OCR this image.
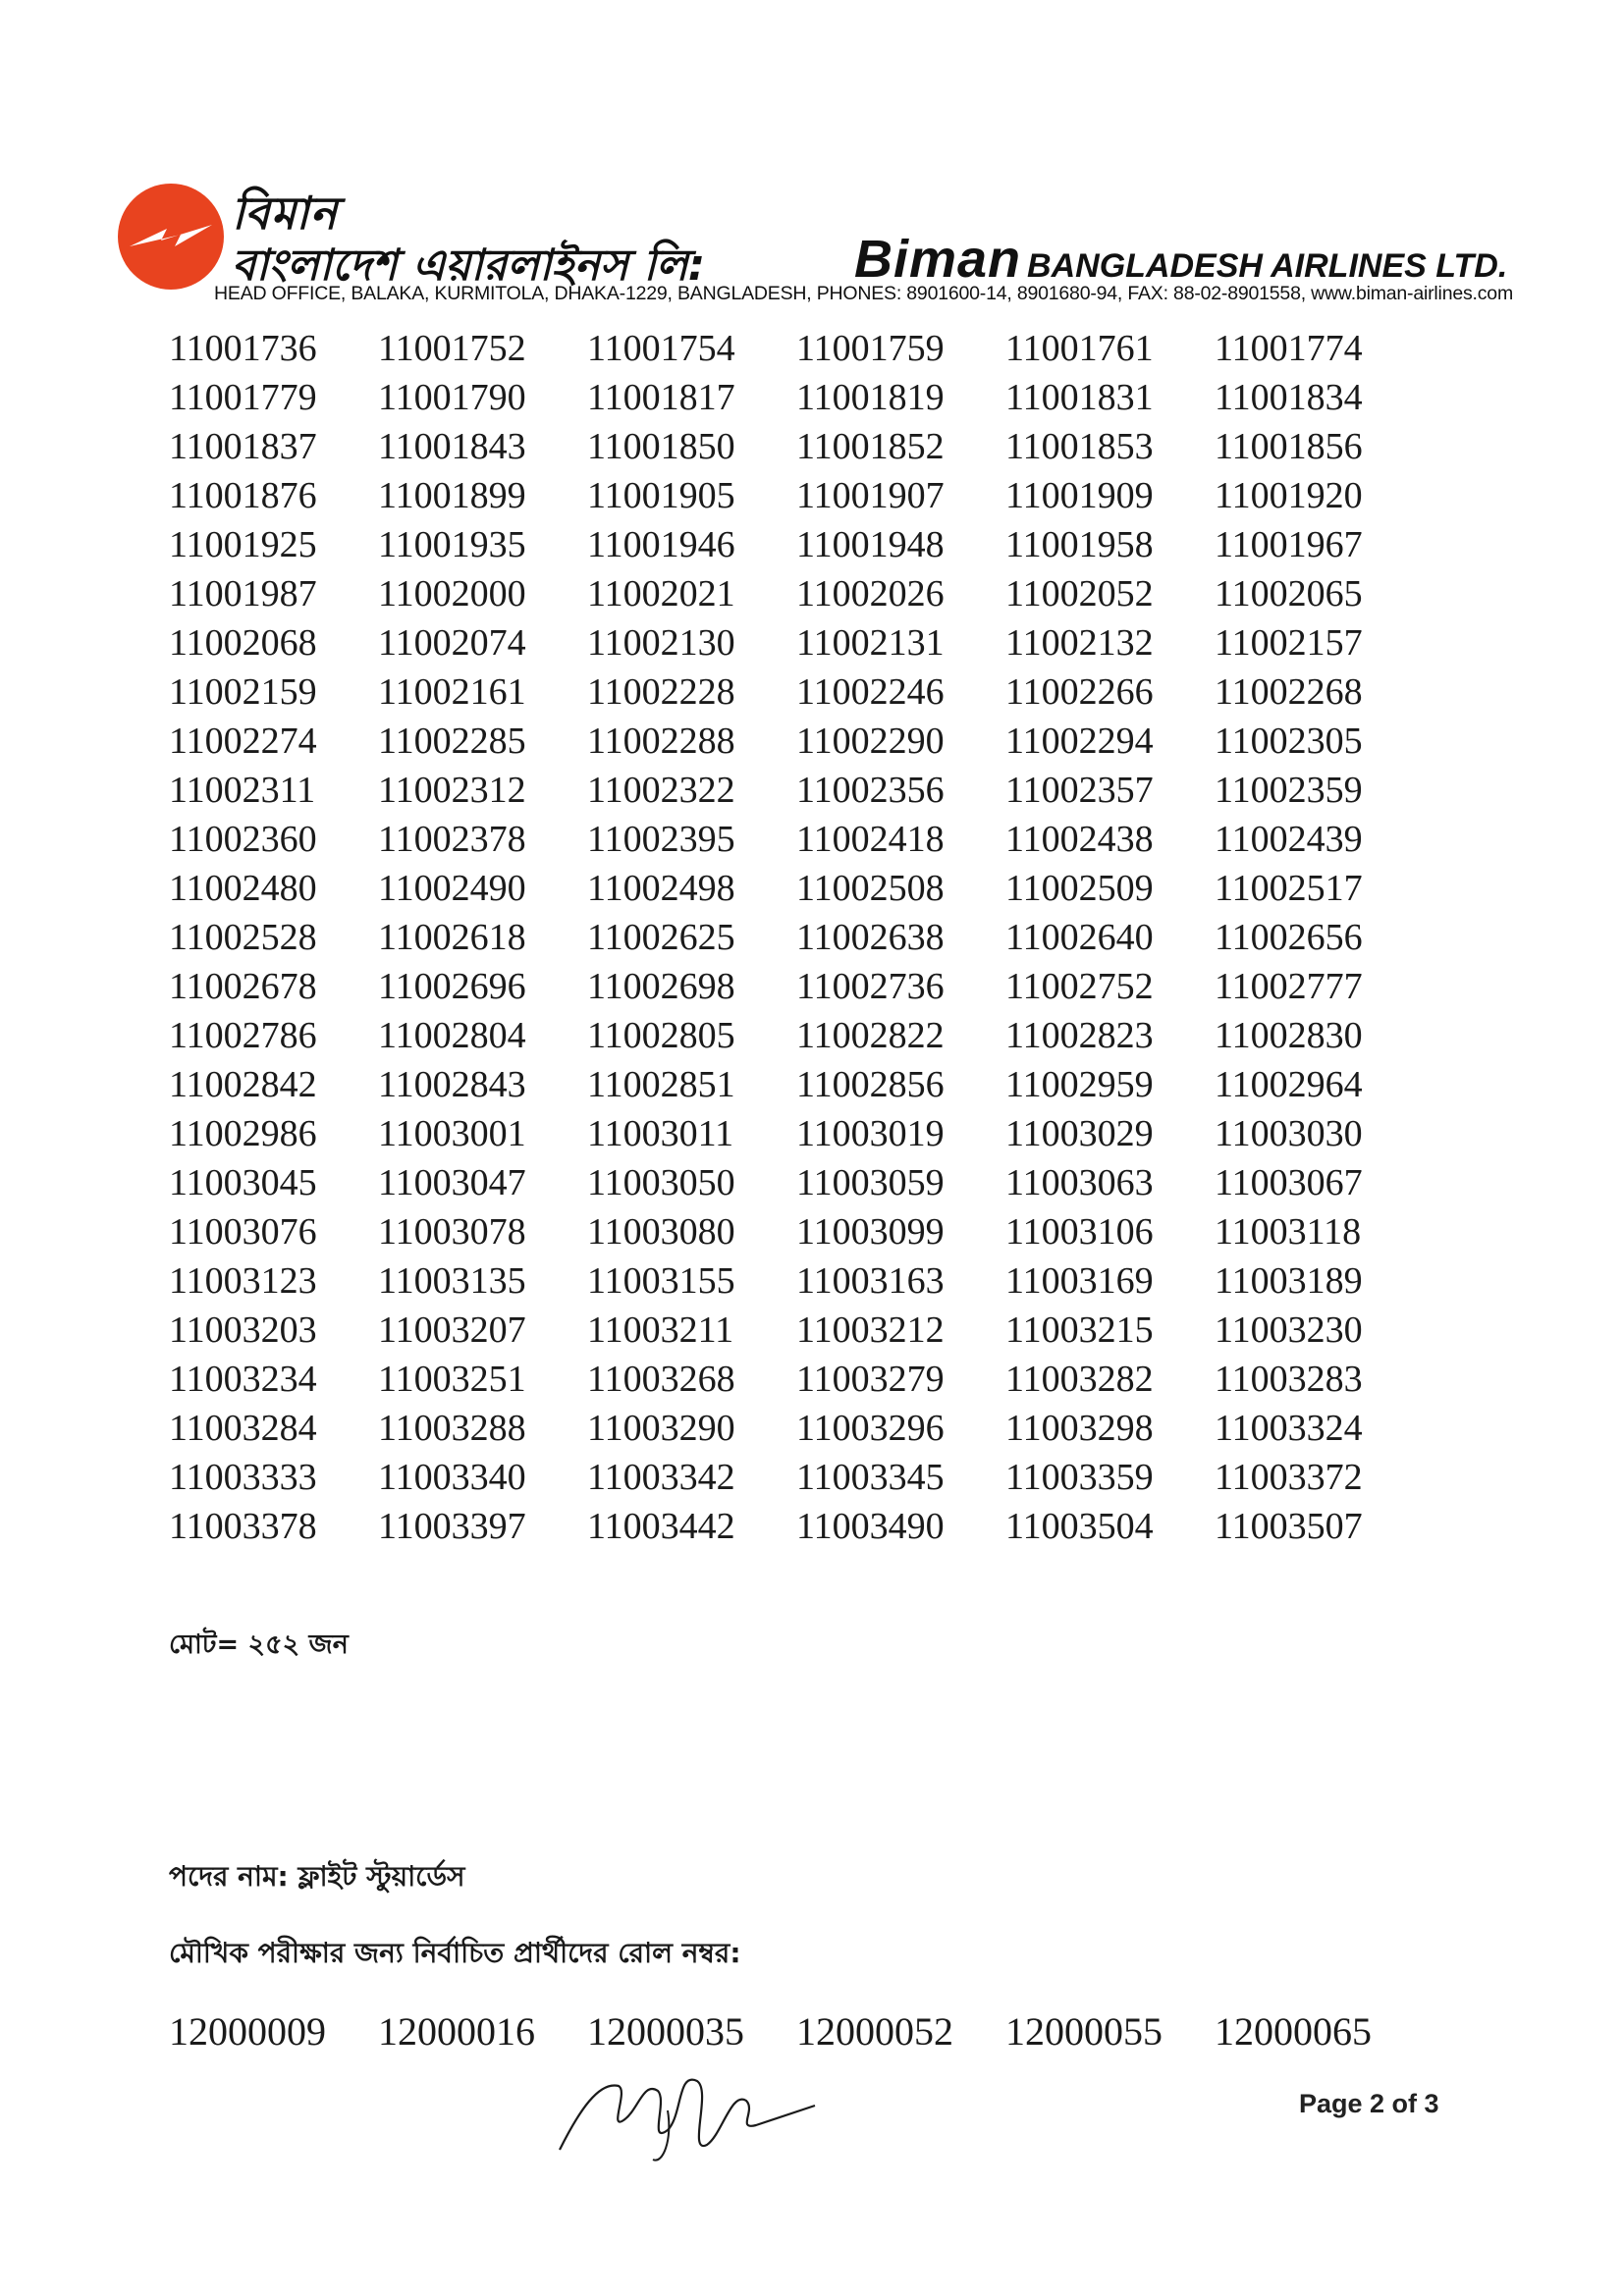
বিমান
বাংলাদেশ এয়ারলাইনস লি:	Biman BANGLADESH AIRLINES LTD.
HEAD OFFICE, BALAKA, KURMITOLA, DHAKA-1229, BANGLADESH, PHONES: 8901600-14, 8901680-94, FAX: 88-02-8901558, www.biman-airlines.com
11001736	11001752	11001754	11001759	11001761	11001774
11001779	11001790	11001817	11001819	11001831	11001834
11001837	11001843	11001850	11001852	11001853	11001856
11001876	11001899	11001905	11001907	11001909	11001920
11001925	11001935	11001946	11001948	11001958	11001967
11001987	11002000	11002021	11002026	11002052	11002065
11002068	11002074	11002130	11002131	11002132	11002157
11002159	11002161	11002228	11002246	11002266	11002268
11002274	11002285	11002288	11002290	11002294	11002305
11002311	11002312	11002322	11002356	11002357	11002359
11002360	11002378	11002395	11002418	11002438	11002439
11002480	11002490	11002498	11002508	11002509	11002517
11002528	11002618	11002625	11002638	11002640	11002656
11002678	11002696	11002698	11002736	11002752	11002777
11002786	11002804	11002805	11002822	11002823	11002830
11002842	11002843	11002851	11002856	11002959	11002964
11002986	11003001	11003011	11003019	11003029	11003030
11003045	11003047	11003050	11003059	11003063	11003067
11003076	11003078	11003080	11003099	11003106	11003118
11003123	11003135	11003155	11003163	11003169	11003189
11003203	11003207	11003211	11003212	11003215	11003230
11003234	11003251	11003268	11003279	11003282	11003283
11003284	11003288	11003290	11003296	11003298	11003324
11003333	11003340	11003342	11003345	11003359	11003372
11003378	11003397	11003442	11003490	11003504	11003507
মোট= ২৫২ জন
পদের নাম: ফ্লাইট স্টুয়ার্ডেস
মৌখিক পরীক্ষার জন্য নির্বাচিত প্রার্থীদের রোল নম্বর:
12000009	12000016	12000035	12000052	12000055	12000065
Page 2 of 3
